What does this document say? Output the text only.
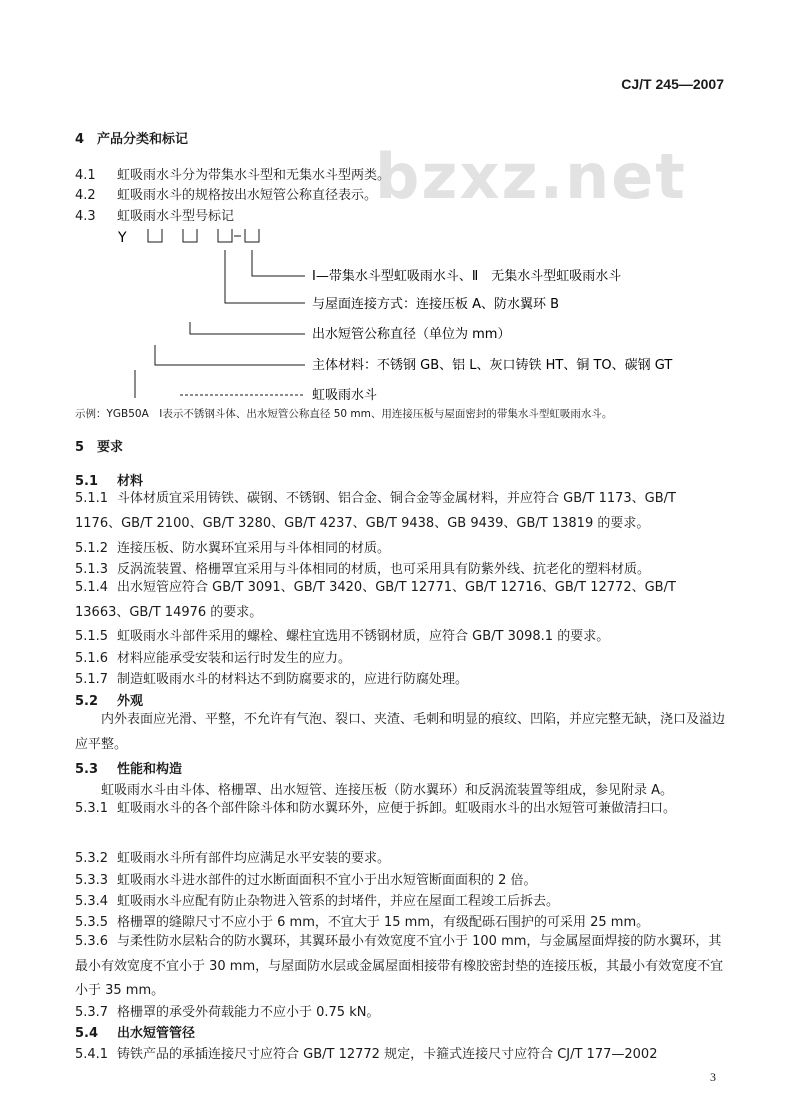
CJ/T 245—2007
bzxz.net
4　产品分类和标记
4.1 虹吸雨水斗分为带集水斗型和无集水斗型两类。
4.2 虹吸雨水斗的规格按出水短管公称直径表示。
4.3 虹吸雨水斗型号标记
Y
Ⅰ—带集水斗型虹吸雨水斗、Ⅱ　无集水斗型虹吸雨水斗
与屋面连接方式：连接压板 A、防水翼环 B
出水短管公称直径（单位为 mm）
主体材料：不锈钢 GB、铝 L、灰口铸铁 HT、铜 TO、碳钢 GT
虹吸雨水斗
示例：YGB50A　Ⅰ表示不锈钢斗体、出水短管公称直径 50 mm、用连接压板与屋面密封的带集水斗型虹吸雨水斗。
5　要求
5.1 材料
5.1.1 斗体材质宜采用铸铁、碳钢、不锈钢、铝合金、铜合金等金属材料，并应符合 GB/T 1173、GB/T 1176、GB/T 2100、GB/T 3280、GB/T 4237、GB/T 9438、GB 9439、GB/T 13819 的要求。
5.1.2 连接压板、防水翼环宜采用与斗体相同的材质。
5.1.3 反涡流装置、格栅罩宜采用与斗体相同的材质，也可采用具有防紫外线、抗老化的塑料材质。
5.1.4 出水短管应符合 GB/T 3091、GB/T 3420、GB/T 12771、GB/T 12716、GB/T 12772、GB/T 13663、GB/T 14976 的要求。
5.1.5 虹吸雨水斗部件采用的螺栓、螺柱宜选用不锈钢材质，应符合 GB/T 3098.1 的要求。
5.1.6 材料应能承受安装和运行时发生的应力。
5.1.7 制造虹吸雨水斗的材料达不到防腐要求的，应进行防腐处理。
5.2 外观
内外表面应光滑、平整，不允许有气泡、裂口、夹渣、毛刺和明显的痕纹、凹陷，并应完整无缺，浇口及溢边应平整。
5.3 性能和构造
虹吸雨水斗由斗体、格栅罩、出水短管、连接压板（防水翼环）和反涡流装置等组成，参见附录 A。
5.3.1 虹吸雨水斗的各个部件除斗体和防水翼环外，应便于拆卸。虹吸雨水斗的出水短管可兼做清扫口。
5.3.2 虹吸雨水斗所有部件均应满足水平安装的要求。
5.3.3 虹吸雨水斗进水部件的过水断面面积不宜小于出水短管断面面积的 2 倍。
5.3.4 虹吸雨水斗应配有防止杂物进入管系的封堵件，并应在屋面工程竣工后拆去。
5.3.5 格栅罩的缝隙尺寸不应小于 6 mm，不宜大于 15 mm，有级配砾石围护的可采用 25 mm。
5.3.6 与柔性防水层粘合的防水翼环，其翼环最小有效宽度不宜小于 100 mm，与金属屋面焊接的防水翼环，其最小有效宽度不宜小于 30 mm，与屋面防水层或金属屋面相接带有橡胶密封垫的连接压板，其最小有效宽度不宜小于 35 mm。
5.3.7 格栅罩的承受外荷载能力不应小于 0.75 kN。
5.4 出水短管管径
5.4.1 铸铁产品的承插连接尺寸应符合 GB/T 12772 规定，卡箍式连接尺寸应符合 CJ/T 177—2002
3
